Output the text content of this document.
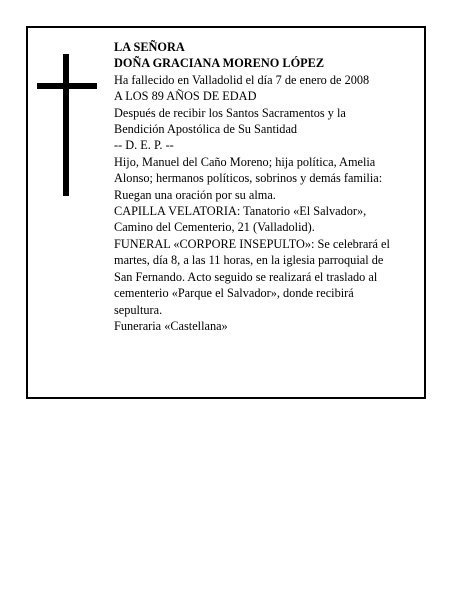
LA SEÑORA

DOÑA GRACIANA MORENO LÓPEZ

Ha fallecido en Valladolid el día 7 de enero de 2008

A LOS 89 AÑOS DE EDAD

Después de recibir los Santos Sacramentos y la

Bendición Apostólica de Su Santidad

-- D. E. P. --

Hijo, Manuel del Caño Moreno; hija política, Amelia

Alonso; hermanos políticos, sobrinos y demás familia:

Ruegan una oración por su alma.

CAPILLA VELATORIA: Tanatorio «El Salvador»,

Camino del Cementerio, 21 (Valladolid).

FUNERAL «CORPORE INSEPULTO»: Se celebrará el

martes, día 8, a las 11 horas, en la iglesia parroquial de

San Fernando. Acto seguido se realizará el traslado al

cementerio «Parque el Salvador», donde recibirá

sepultura.

Funeraria «Castellana»
